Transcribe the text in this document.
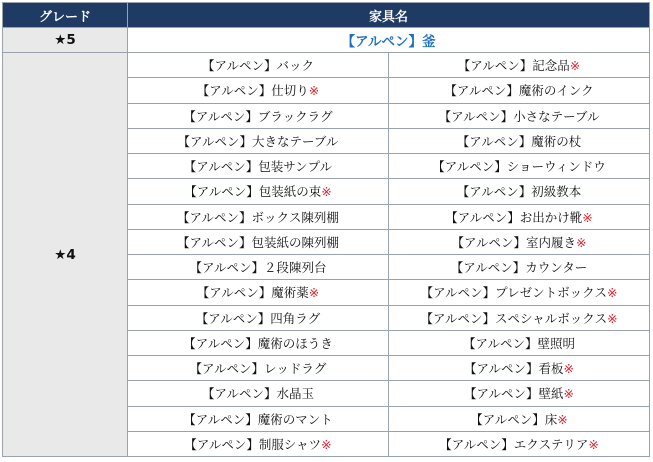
グレード	家具名	
★5	【アルペン】釜	
★4	【アルペン】バック	【アルペン】記念品※
	【アルペン】仕切り※	【アルペン】魔術のインク
	【アルペン】ブラックラグ	【アルペン】小さなテーブル
	【アルペン】大きなテーブル	【アルペン】魔術の杖
	【アルペン】包装サンプル	【アルペン】ショーウィンドウ
	【アルペン】包装紙の束※	【アルペン】初級教本
	【アルペン】ボックス陳列棚	【アルペン】お出かけ靴※
	【アルペン】包装紙の陳列棚	【アルペン】室内履き※
	【アルペン】２段陳列台	【アルペン】カウンター
	【アルペン】魔術薬※	【アルペン】プレゼントボックス※
	【アルペン】四角ラグ	【アルペン】スペシャルボックス※
	【アルペン】魔術のほうき	【アルペン】壁照明
	【アルペン】レッドラグ	【アルペン】看板※
	【アルペン】水晶玉	【アルペン】壁紙※
	【アルペン】魔術のマント	【アルペン】床※
	【アルペン】制服シャツ※	【アルペン】エクステリア※
